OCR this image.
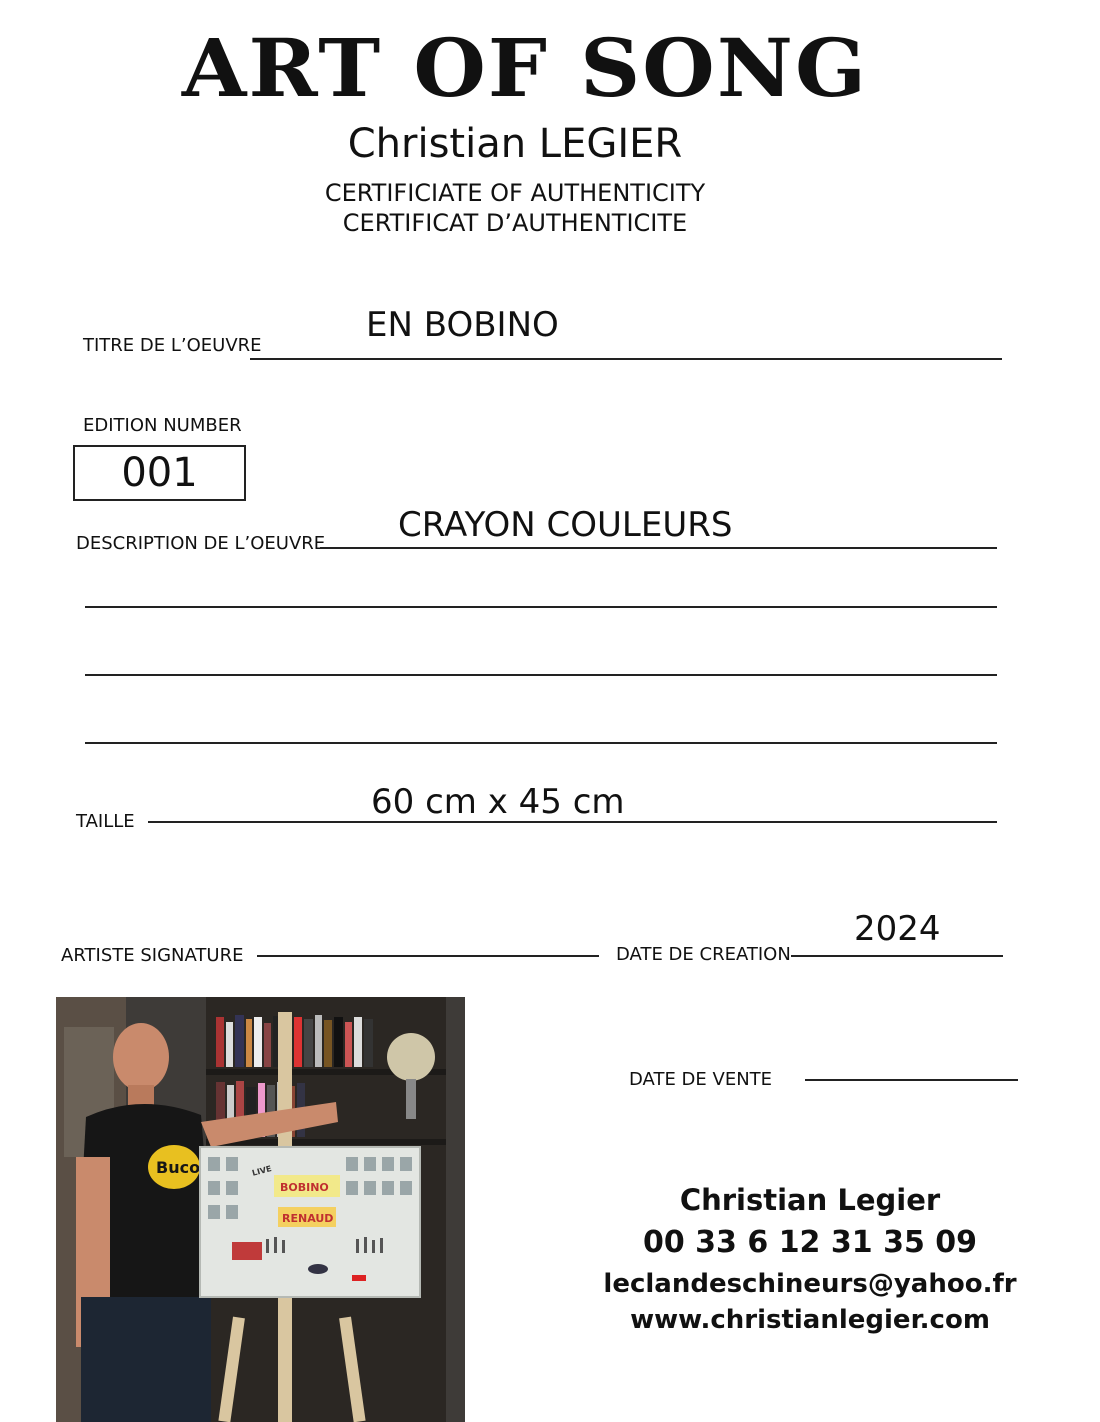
ART OF SONG
Christian LEGIER
CERTIFICIATE OF AUTHENTICITY
CERTIFICAT D’AUTHENTICITE
TITRE DE L’OEUVRE
EN BOBINO
EDITION NUMBER
001
DESCRIPTION DE L’OEUVRE CRAYON COULEURS
TAILLE	60 cm x 45 cm
ARTISTE SIGNATURE	DATE DE CREATION
2024
DATE DE VENTE
Buco
BOBINO
RENAUD
LIVE
Christian Legier
00 33 6 12 31 35 09
leclandeschineurs@yahoo.fr
www.christianlegier.com
